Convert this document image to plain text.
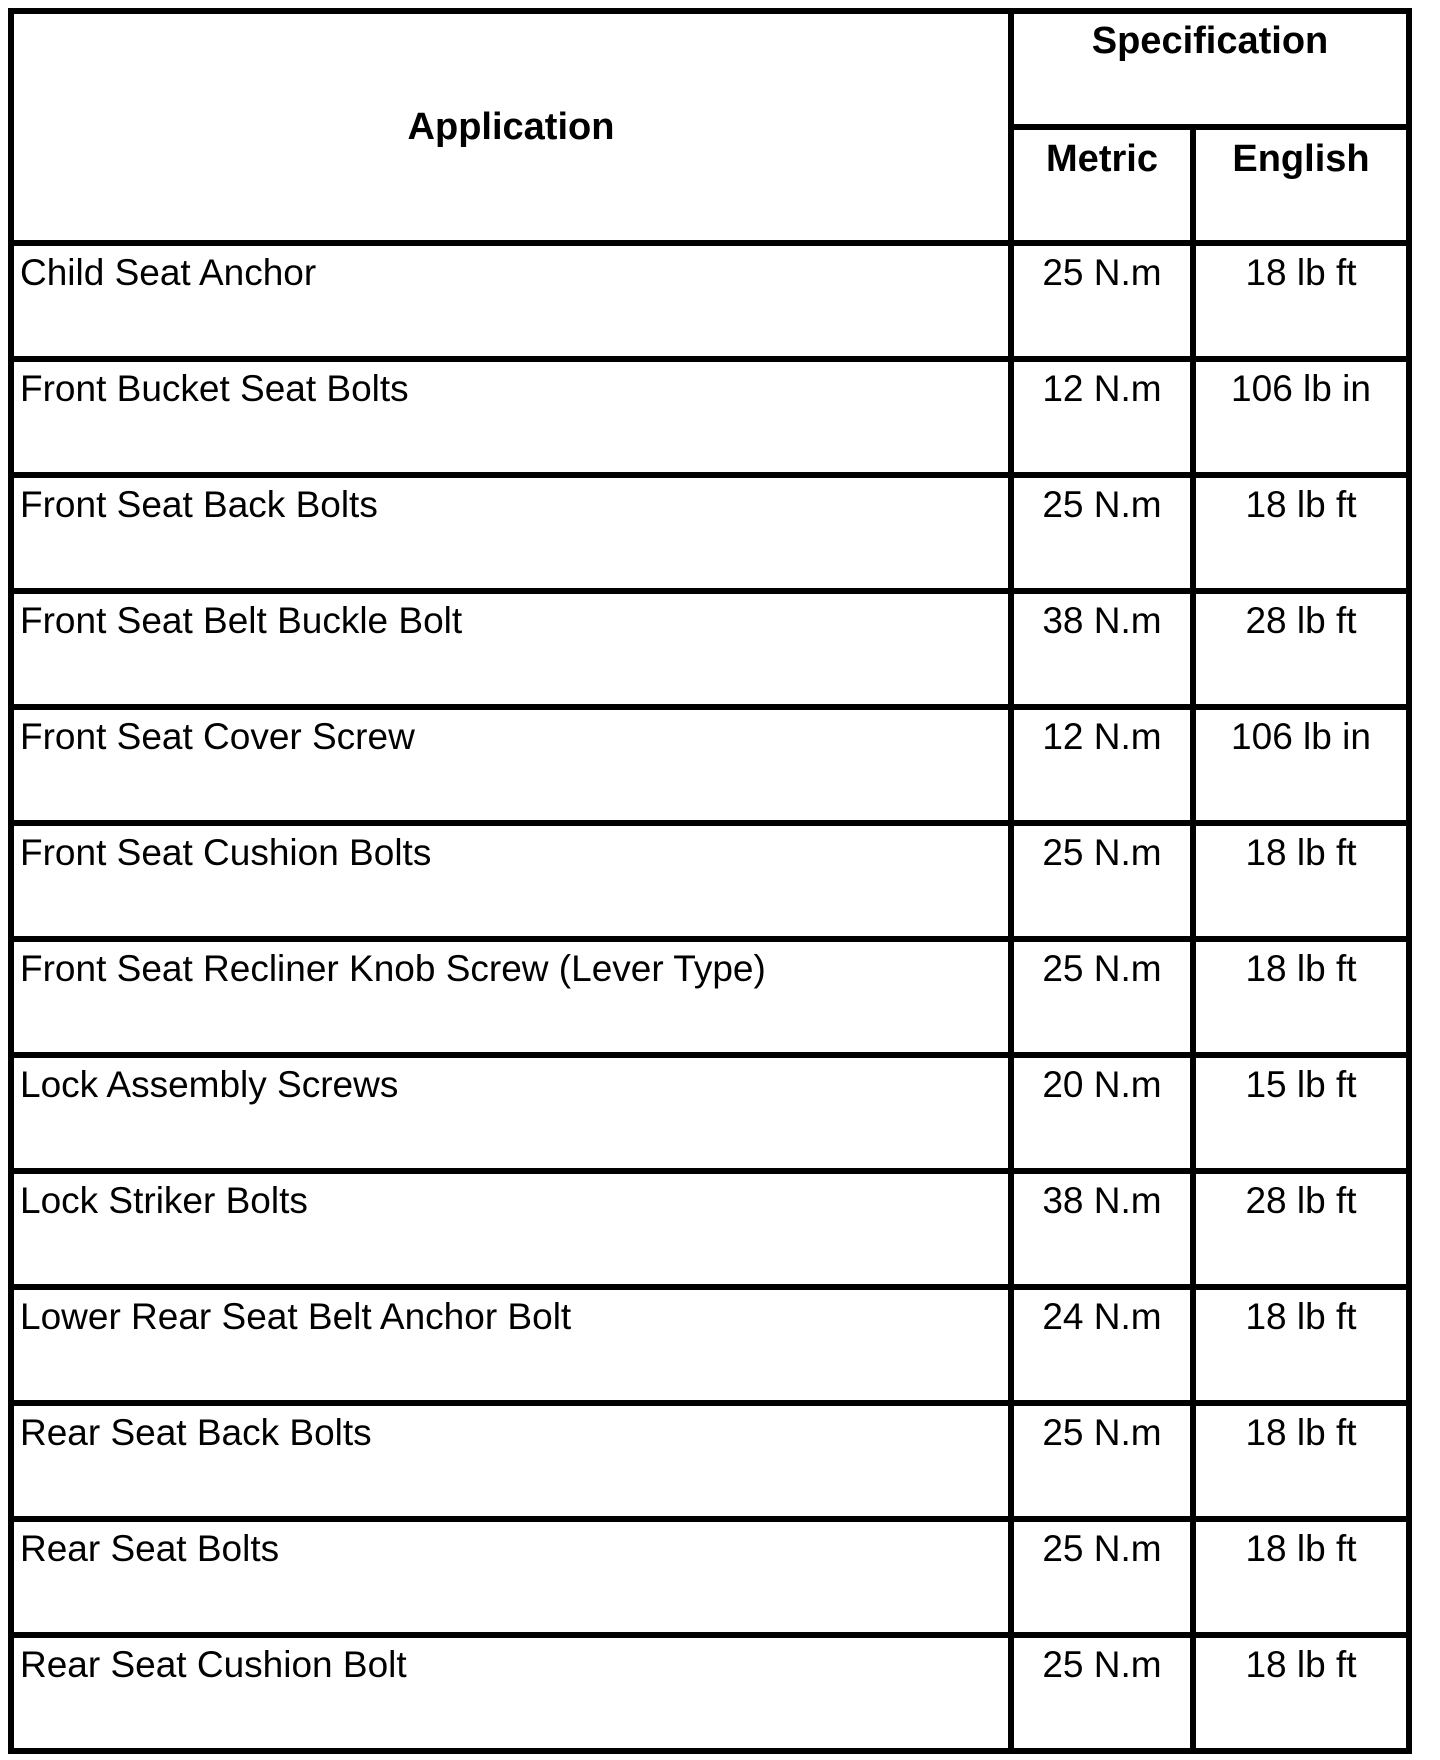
Application	Specification	
	Metric	English
Child Seat Anchor	25 N.m	18 lb ft
Front Bucket Seat Bolts	12 N.m	106 lb in
Front Seat Back Bolts	25 N.m	18 lb ft
Front Seat Belt Buckle Bolt	38 N.m	28 lb ft
Front Seat Cover Screw	12 N.m	106 lb in
Front Seat Cushion Bolts	25 N.m	18 lb ft
Front Seat Recliner Knob Screw (Lever Type)	25 N.m	18 lb ft
Lock Assembly Screws	20 N.m	15 lb ft
Lock Striker Bolts	38 N.m	28 lb ft
Lower Rear Seat Belt Anchor Bolt	24 N.m	18 lb ft
Rear Seat Back Bolts	25 N.m	18 lb ft
Rear Seat Bolts	25 N.m	18 lb ft
Rear Seat Cushion Bolt	25 N.m	18 lb ft
